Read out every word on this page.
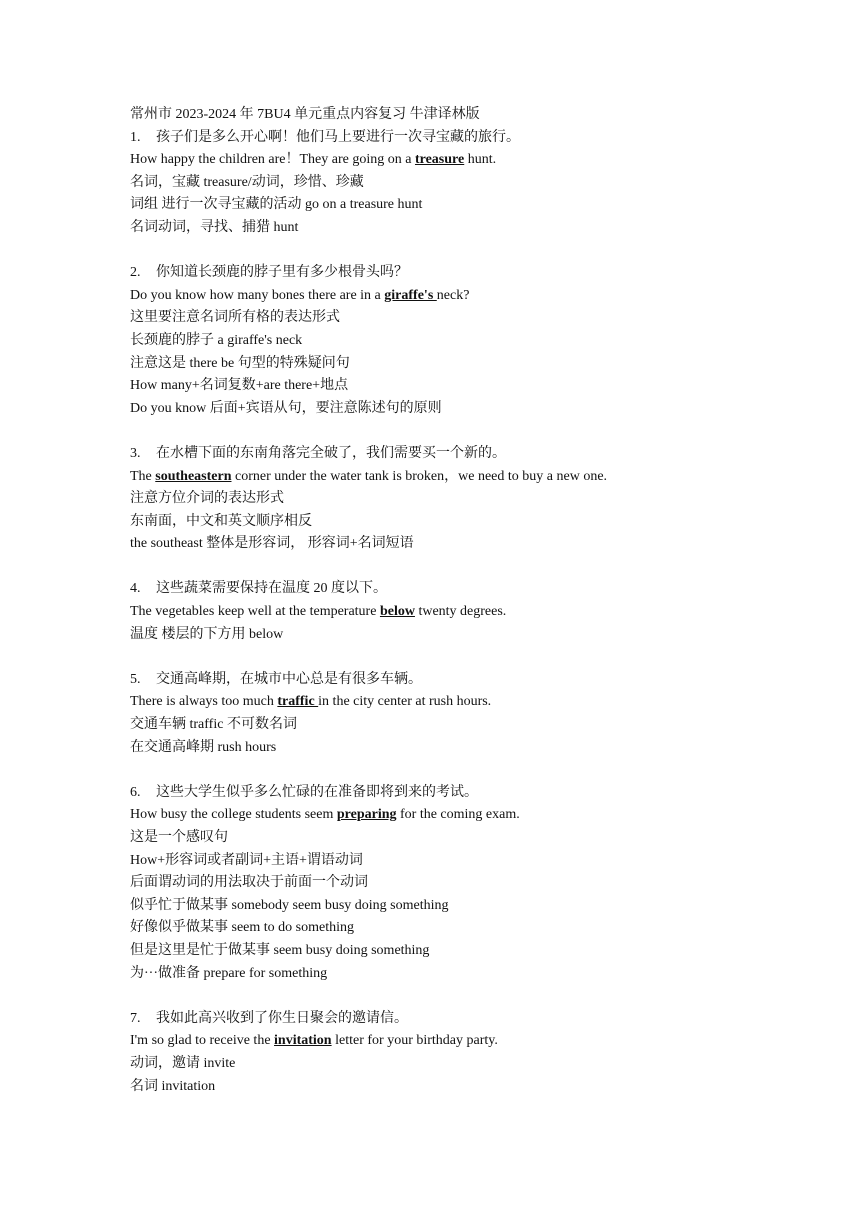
常州市 2023-2024 年 7BU4 单元重点内容复习 牛津译林版
1. 孩子们是多么开心啊！他们马上要进行一次寻宝藏的旅行。
How happy the children are！They are going on a treasure hunt.
名词，宝藏 treasure/动词，珍惜、珍藏
词组 进行一次寻宝藏的活动 go on a treasure hunt
名词动词，寻找、捕猎 hunt
2. 你知道长颈鹿的脖子里有多少根骨头吗？
Do you know how many bones there are in a giraffe's neck?
这里要注意名词所有格的表达形式
长颈鹿的脖子 a giraffe's neck
注意这是 there be 句型的特殊疑问句
How many+名词复数+are there+地点
Do you know 后面+宾语从句，要注意陈述句的原则
3. 在水槽下面的东南角落完全破了，我们需要买一个新的。
The southeastern corner under the water tank is broken，we need to buy a new one.
注意方位介词的表达形式
东南面，中文和英文顺序相反
the southeast 整体是形容词， 形容词+名词短语
4. 这些蔬菜需要保持在温度 20 度以下。
The vegetables keep well at the temperature below twenty degrees.
温度 楼层的下方用 below
5. 交通高峰期，在城市中心总是有很多车辆。
There is always too much traffic in the city center at rush hours.
交通车辆 traffic 不可数名词
在交通高峰期 rush hours
6. 这些大学生似乎多么忙碌的在准备即将到来的考试。
How busy the college students seem preparing for the coming exam.
这是一个感叹句
How+形容词或者副词+主语+谓语动词
后面谓动词的用法取决于前面一个动词
似乎忙于做某事 somebody seem busy doing something
好像似乎做某事 seem to do something
但是这里是忙于做某事 seem busy doing something
为···做准备 prepare for something
7. 我如此高兴收到了你生日聚会的邀请信。
I'm so glad to receive the invitation letter for your birthday party.
动词，邀请 invite
名词 invitation
